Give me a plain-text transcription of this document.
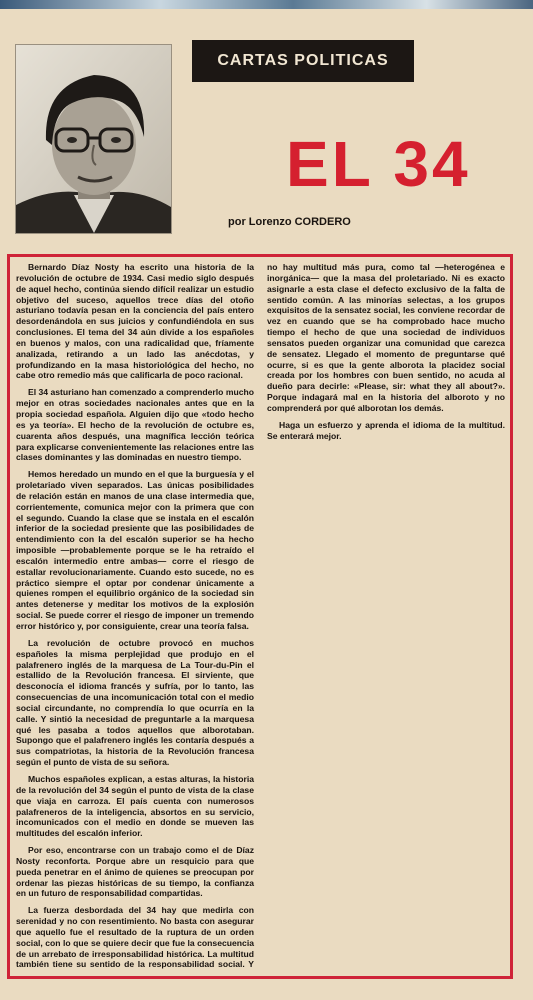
CARTAS POLITICAS
EL 34
por Lorenzo CORDERO

Bernardo Díaz Nosty ha escrito una historia de la revolución de octubre de 1934. Casi medio siglo después de aquel hecho, continúa siendo difícil realizar un estudio objetivo del suceso, aquellos trece días del otoño asturiano todavía pesan en la conciencia del país entero desordenándola en sus juicios y confundiéndola en sus conclusiones. El tema del 34 aún divide a los españoles en buenos y malos, con una radicalidad que, fríamente analizada, retirando a un lado las anécdotas, y profundizando en la masa historiológica del hecho, no cabe otro remedio más que calificarla de poco racional.

El 34 asturiano han comenzado a comprenderlo mucho mejor en otras sociedades nacionales antes que en la propia sociedad española. Alguien dijo que «todo hecho es ya teoría». El hecho de la revolución de octubre es, cuarenta años después, una magnífica lección teórica para explicarse convenientemente las relaciones entre las clases dominantes y las dominadas en nuestro tiempo.

Hemos heredado un mundo en el que la burguesía y el proletariado viven separados. Las únicas posibilidades de relación están en manos de una clase intermedia que, corrientemente, comunica mejor con la primera que con el segundo. Cuando la clase que se instala en el escalón inferior de la sociedad presiente que las posibilidades de entendimiento con la del escalón superior se ha hecho imposible —probablemente porque se le ha retraído el escalón intermedio entre ambas— corre el riesgo de estallar revolucionariamente. Cuando esto sucede, no es práctico siempre el optar por condenar únicamente a quienes rompen el equilibrio orgánico de la sociedad sin antes detenerse y meditar los motivos de la explosión social. Se puede correr el riesgo de imponer un tremendo error histórico y, por consiguiente, crear una teoría falsa.

La revolución de octubre provocó en muchos españoles la misma perplejidad que produjo en el palafrenero inglés de la marquesa de La Tour-du-Pin el estallido de la Revolución francesa. El sirviente, que desconocía el idioma francés y sufría, por lo tanto, las consecuencias de una incomunicación total con el medio social circundante, no comprendía lo que ocurría en la calle. Y sintió la necesidad de preguntarle a la marquesa qué les pasaba a todos aquellos que alborotaban. Supongo que el palafrenero inglés les contaría después a sus compatriotas, la historia de la Revolución francesa según el punto de vista de su señora.

Muchos españoles explican, a estas alturas, la historia de la revolución del 34 según el punto de vista de la clase que viaja en carroza. El país cuenta con numerosos palafreneros de la inteligencia, absortos en su servicio, incomunicados con el medio en donde se mueven las multitudes del escalón inferior.

Por eso, encontrarse con un trabajo como el de Díaz Nosty reconforta. Porque abre un resquicio para que pueda penetrar en el ánimo de quienes se preocupan por ordenar las piezas históricas de su tiempo, la confianza en un futuro de responsabilidad compartidas.

La fuerza desbordada del 34 hay que medirla con serenidad y no con resentimiento. No basta con asegurar que aquello fue el resultado de la ruptura de un orden social, con lo que se quiere decir que fue la consecuencia de un arrebato de irresponsabilidad histórica. La multitud también tiene su sentido de la responsabilidad social. Y no hay multitud más pura, como tal —heterogénea e inorgánica— que la masa del proletariado. Ni es exacto asignarle a esta clase el defecto exclusivo de la falta de sentido común. A las minorías selectas, a los grupos exquisitos de la sensatez social, les conviene recordar de vez en cuando que se ha comprobado hace mucho tiempo el hecho de que una sociedad de individuos sensatos pueden organizar una comunidad que carezca de sensatez. Llegado el momento de preguntarse qué ocurre, si es que la gente alborota la placidez social creada por los hombres con buen sentido, no acuda al dueño para decirle: «Please, sir: what they all about?». Porque indagará mal en la historia del alboroto y no comprenderá por qué alborotan los demás.

Haga un esfuerzo y aprenda el idioma de la multitud. Se enterará mejor.
